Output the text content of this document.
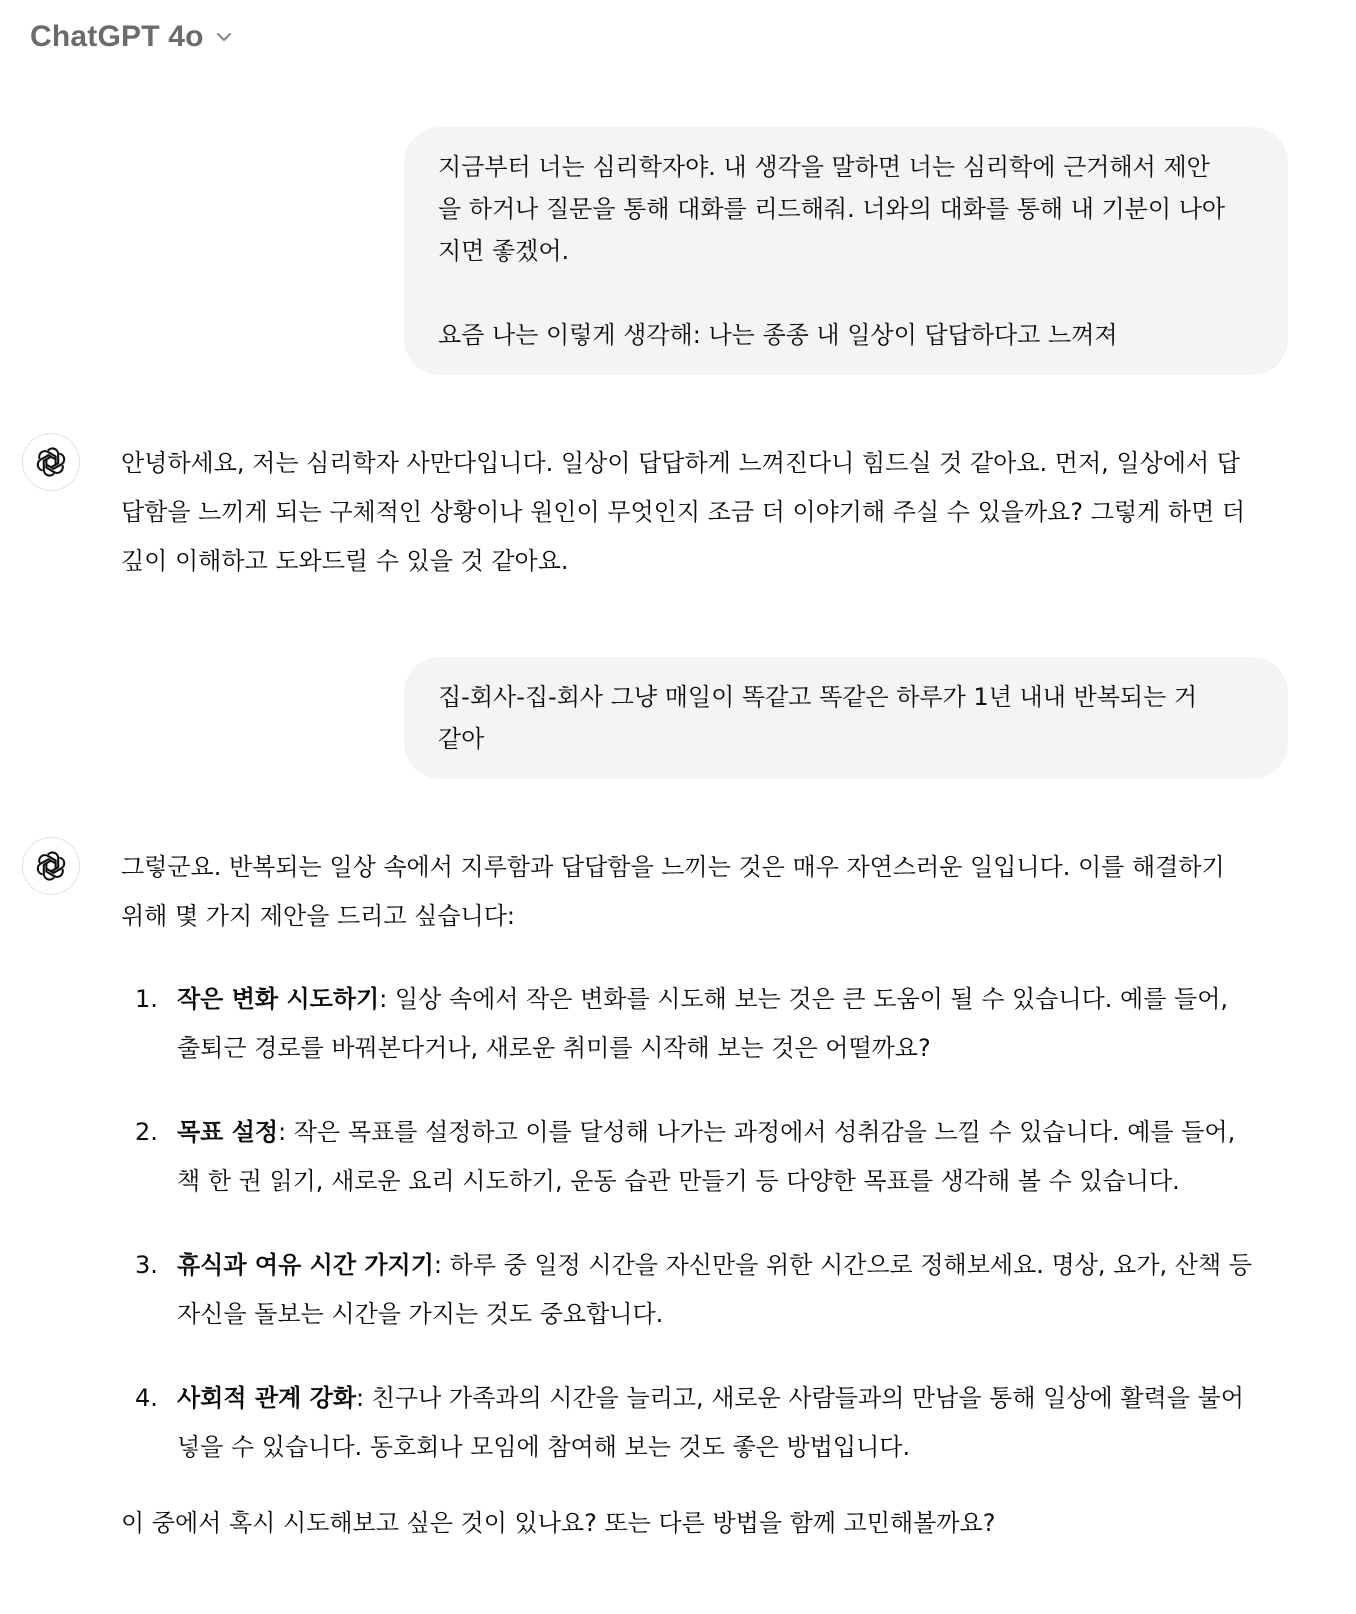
ChatGPT 4o

지금부터 너는 심리학자야. 내 생각을 말하면 너는 심리학에 근거해서 제안

을 하거나 질문을 통해 대화를 리드해줘. 너와의 대화를 통해 내 기분이 나아

지면 좋겠어.

요즘 나는 이렇게 생각해: 나는 종종 내 일상이 답답하다고 느껴져

안녕하세요, 저는 심리학자 사만다입니다. 일상이 답답하게 느껴진다니 힘드실 것 같아요. 먼저, 일상에서 답

답함을 느끼게 되는 구체적인 상황이나 원인이 무엇인지 조금 더 이야기해 주실 수 있을까요? 그렇게 하면 더

깊이 이해하고 도와드릴 수 있을 것 같아요.

집-회사-집-회사 그냥 매일이 똑같고 똑같은 하루가 1년 내내 반복되는 거

같아

그렇군요. 반복되는 일상 속에서 지루함과 답답함을 느끼는 것은 매우 자연스러운 일입니다. 이를 해결하기

위해 몇 가지 제안을 드리고 싶습니다:

1. 작은 변화 시도하기: 일상 속에서 작은 변화를 시도해 보는 것은 큰 도움이 될 수 있습니다. 예를 들어,
출퇴근 경로를 바꿔본다거나, 새로운 취미를 시작해 보는 것은 어떨까요?
2. 목표 설정: 작은 목표를 설정하고 이를 달성해 나가는 과정에서 성취감을 느낄 수 있습니다. 예를 들어,
책 한 권 읽기, 새로운 요리 시도하기, 운동 습관 만들기 등 다양한 목표를 생각해 볼 수 있습니다.
3. 휴식과 여유 시간 가지기: 하루 중 일정 시간을 자신만을 위한 시간으로 정해보세요. 명상, 요가, 산책 등
자신을 돌보는 시간을 가지는 것도 중요합니다.
4. 사회적 관계 강화: 친구나 가족과의 시간을 늘리고, 새로운 사람들과의 만남을 통해 일상에 활력을 불어
넣을 수 있습니다. 동호회나 모임에 참여해 보는 것도 좋은 방법입니다.

이 중에서 혹시 시도해보고 싶은 것이 있나요? 또는 다른 방법을 함께 고민해볼까요?
